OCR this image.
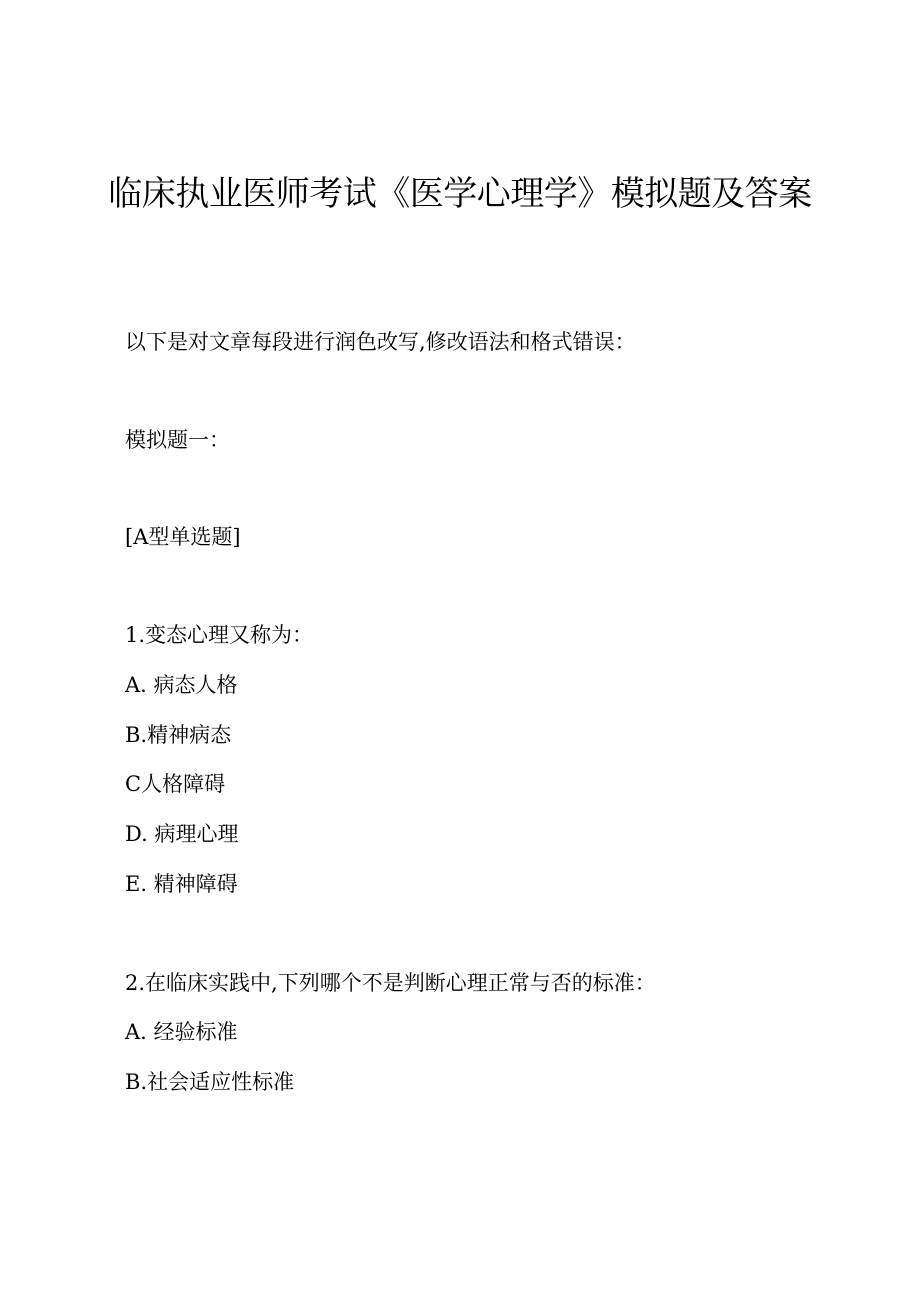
临床执业医师考试《医学心理学》模拟题及答案
以下是对文章每段进行润色改写,修改语法和格式错误：
模拟题一：
[A型单选题]
1.变态心理又称为：
A. 病态人格
B.精神病态
C人格障碍
D. 病理心理
E. 精神障碍
2.在临床实践中,下列哪个不是判断心理正常与否的标准：
A. 经验标准
B.社会适应性标准
